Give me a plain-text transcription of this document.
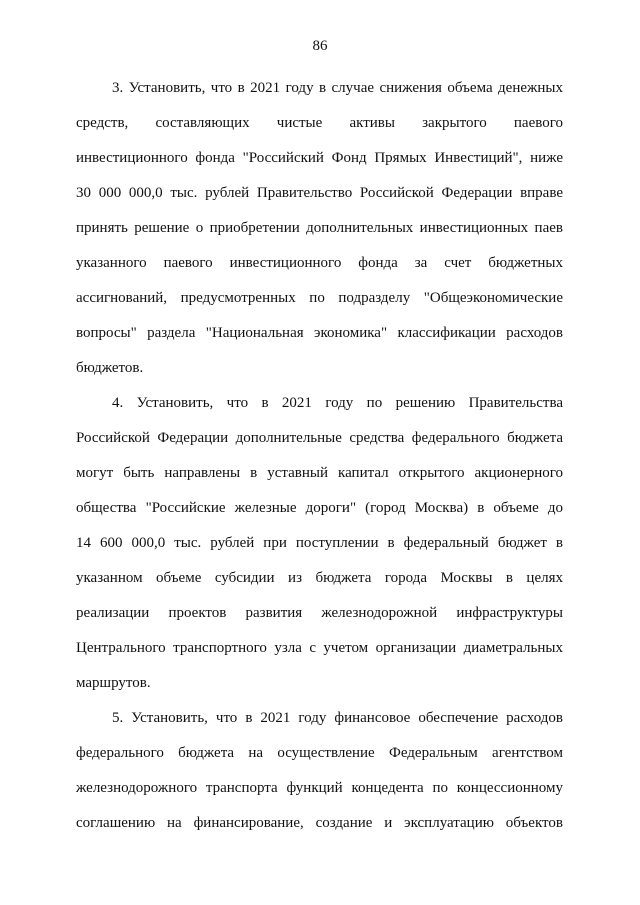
86
3. Установить, что в 2021 году в случае снижения объема денежных
средств, составляющих чистые активы закрытого паевого
инвестиционного фонда "Российский Фонд Прямых Инвестиций", ниже
30 000 000,0 тыс. рублей Правительство Российской Федерации вправе
принять решение о приобретении дополнительных инвестиционных паев
указанного паевого инвестиционного фонда за счет бюджетных
ассигнований, предусмотренных по подразделу "Общеэкономические
вопросы" раздела "Национальная экономика" классификации расходов
бюджетов.
4. Установить, что в 2021 году по решению Правительства
Российской Федерации дополнительные средства федерального бюджета
могут быть направлены в уставный капитал открытого акционерного
общества "Российские железные дороги" (город Москва) в объеме до
14 600 000,0 тыс. рублей при поступлении в федеральный бюджет в
указанном объеме субсидии из бюджета города Москвы в целях
реализации проектов развития железнодорожной инфраструктуры
Центрального транспортного узла с учетом организации диаметральных
маршрутов.
5. Установить, что в 2021 году финансовое обеспечение расходов
федерального бюджета на осуществление Федеральным агентством
железнодорожного транспорта функций концедента по концессионному
соглашению на финансирование, создание и эксплуатацию объектов
